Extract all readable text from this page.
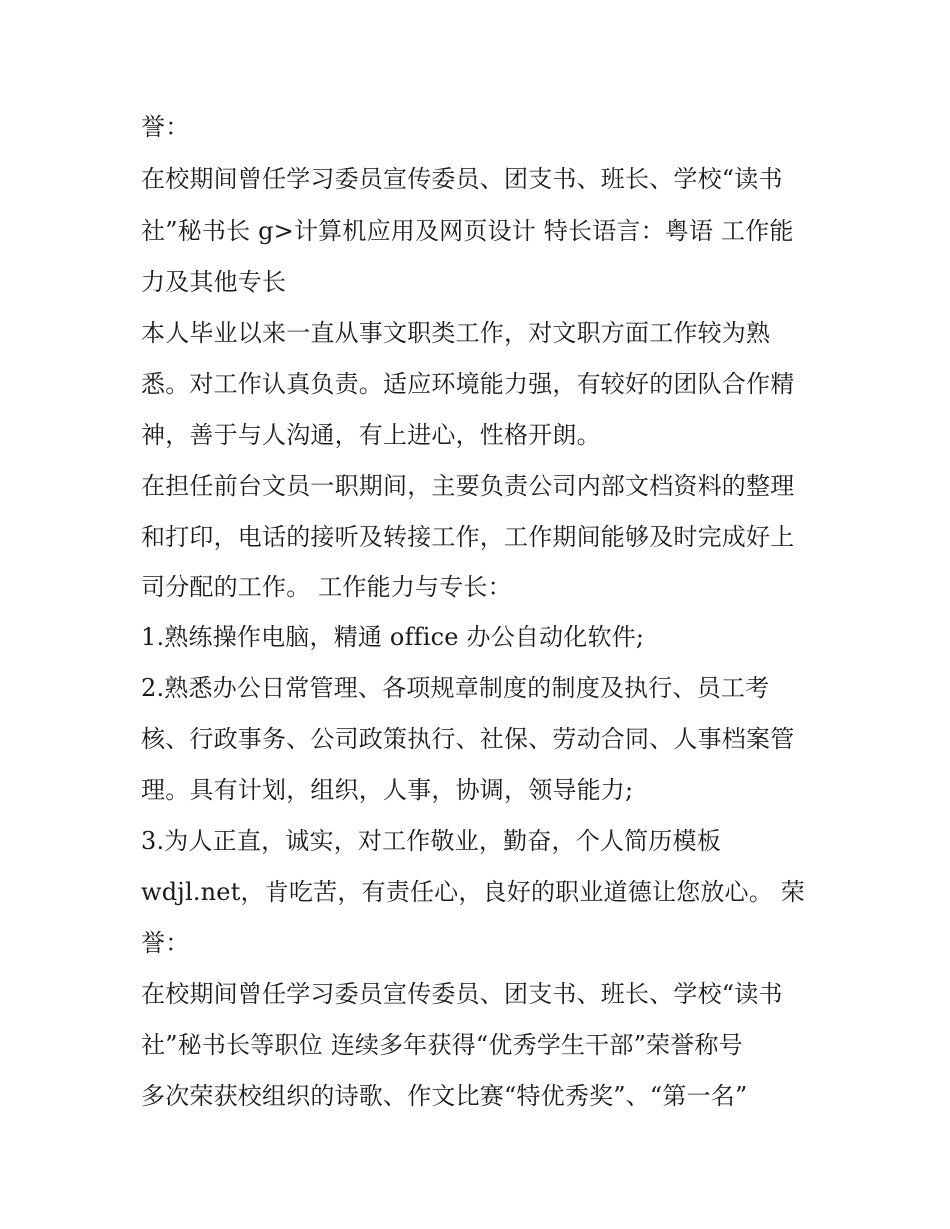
誉：
在校期间曾任学习委员宣传委员、团支书、班长、学校“读书
社”秘书长 g>计算机应用及网页设计 特长语言：粤语 工作能
力及其他专长
本人毕业以来一直从事文职类工作，对文职方面工作较为熟
悉。对工作认真负责。适应环境能力强，有较好的团队合作精
神，善于与人沟通，有上进心，性格开朗。
在担任前台文员一职期间，主要负责公司内部文档资料的整理
和打印，电话的接听及转接工作，工作期间能够及时完成好上
司分配的工作。 工作能力与专长：
1.熟练操作电脑，精通 office 办公自动化软件;
2.熟悉办公日常管理、各项规章制度的制度及执行、员工考
核、行政事务、公司政策执行、社保、劳动合同、人事档案管
理。具有计划，组织，人事，协调，领导能力;
3.为人正直，诚实，对工作敬业，勤奋，个人简历模板
wdjl.net，肯吃苦，有责任心，良好的职业道德让您放心。 荣
誉：
在校期间曾任学习委员宣传委员、团支书、班长、学校“读书
社”秘书长等职位 连续多年获得“优秀学生干部”荣誉称号
多次荣获校组织的诗歌、作文比赛“特优秀奖”、“第一名”
